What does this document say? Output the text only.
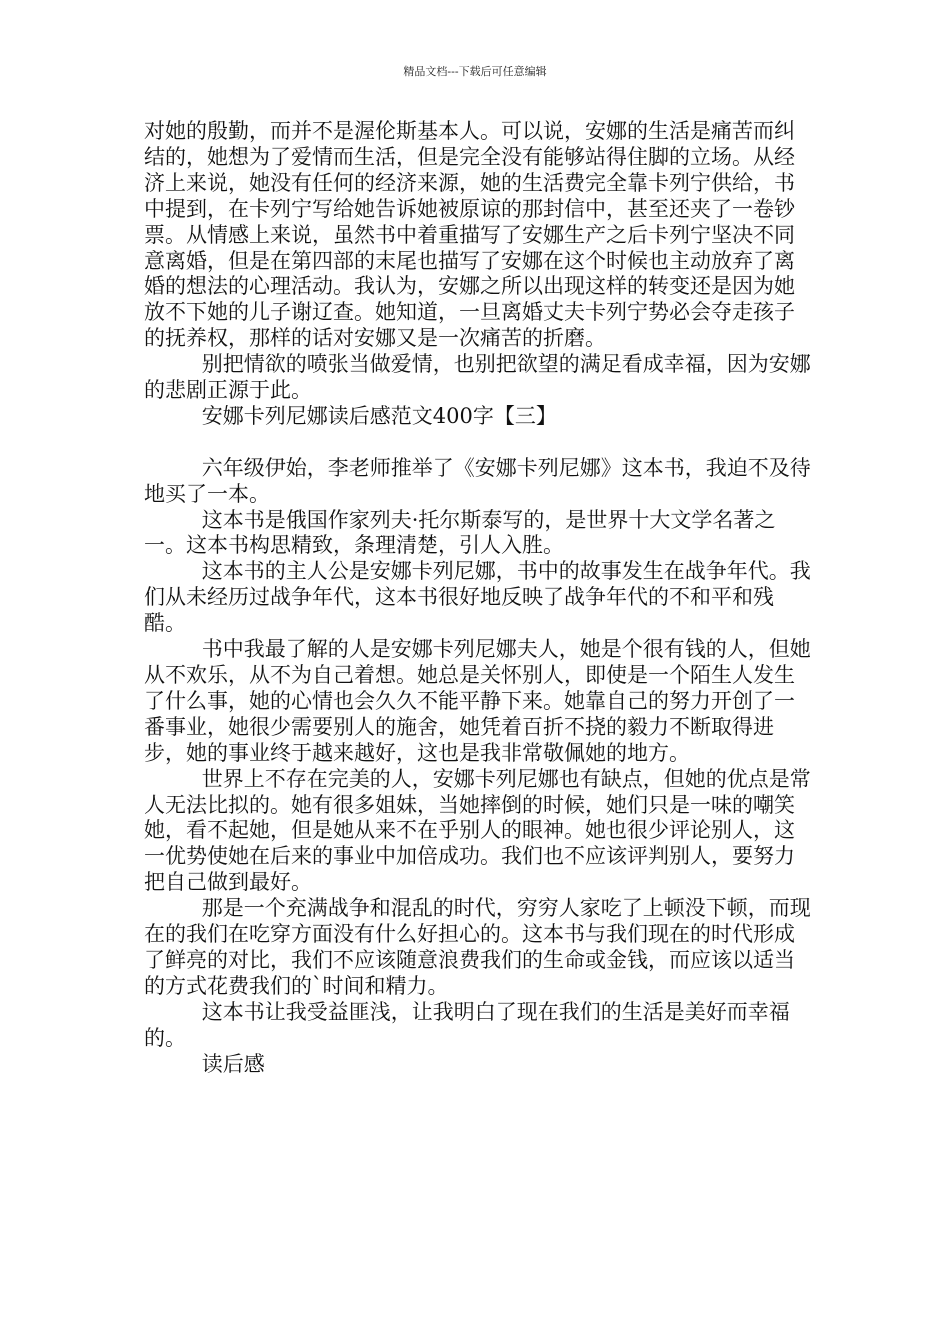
精品文档---下载后可任意编辑

对她的殷勤，而并不是渥伦斯基本人。可以说，安娜的生活是痛苦而纠结的，她想为了爱情而生活，但是完全没有能够站得住脚的立场。从经济上来说，她没有任何的经济来源，她的生活费完全靠卡列宁供给，书中提到，在卡列宁写给她告诉她被原谅的那封信中，甚至还夹了一卷钞票。从情感上来说，虽然书中着重描写了安娜生产之后卡列宁坚决不同意离婚，但是在第四部的末尾也描写了安娜在这个时候也主动放弃了离婚的想法的心理活动。我认为，安娜之所以出现这样的转变还是因为她放不下她的儿子谢辽查。她知道，一旦离婚丈夫卡列宁势必会夺走孩子的抚养权，那样的话对安娜又是一次痛苦的折磨。

别把情欲的喷张当做爱情，也别把欲望的满足看成幸福，因为安娜的悲剧正源于此。

安娜卡列尼娜读后感范文400字【三】

六年级伊始，李老师推举了《安娜卡列尼娜》这本书，我迫不及待地买了一本。

这本书是俄国作家列夫·托尔斯泰写的，是世界十大文学名著之一。这本书构思精致，条理清楚，引人入胜。

这本书的主人公是安娜卡列尼娜，书中的故事发生在战争年代。我们从未经历过战争年代，这本书很好地反映了战争年代的不和平和残酷。

书中我最了解的人是安娜卡列尼娜夫人，她是个很有钱的人，但她从不欢乐，从不为自己着想。她总是关怀别人，即使是一个陌生人发生了什么事，她的心情也会久久不能平静下来。她靠自己的努力开创了一番事业，她很少需要别人的施舍，她凭着百折不挠的毅力不断取得进步，她的事业终于越来越好，这也是我非常敬佩她的地方。

世界上不存在完美的人，安娜卡列尼娜也有缺点，但她的优点是常人无法比拟的。她有很多姐妹，当她摔倒的时候，她们只是一味的嘲笑她，看不起她，但是她从来不在乎别人的眼神。她也很少评论别人，这一优势使她在后来的事业中加倍成功。我们也不应该评判别人，要努力把自己做到最好。

那是一个充满战争和混乱的时代，穷穷人家吃了上顿没下顿，而现在的我们在吃穿方面没有什么好担心的。这本书与我们现在的时代形成了鲜亮的对比，我们不应该随意浪费我们的生命或金钱，而应该以适当的方式花费我们的`时间和精力。

这本书让我受益匪浅，让我明白了现在我们的生活是美好而幸福的。

读后感
